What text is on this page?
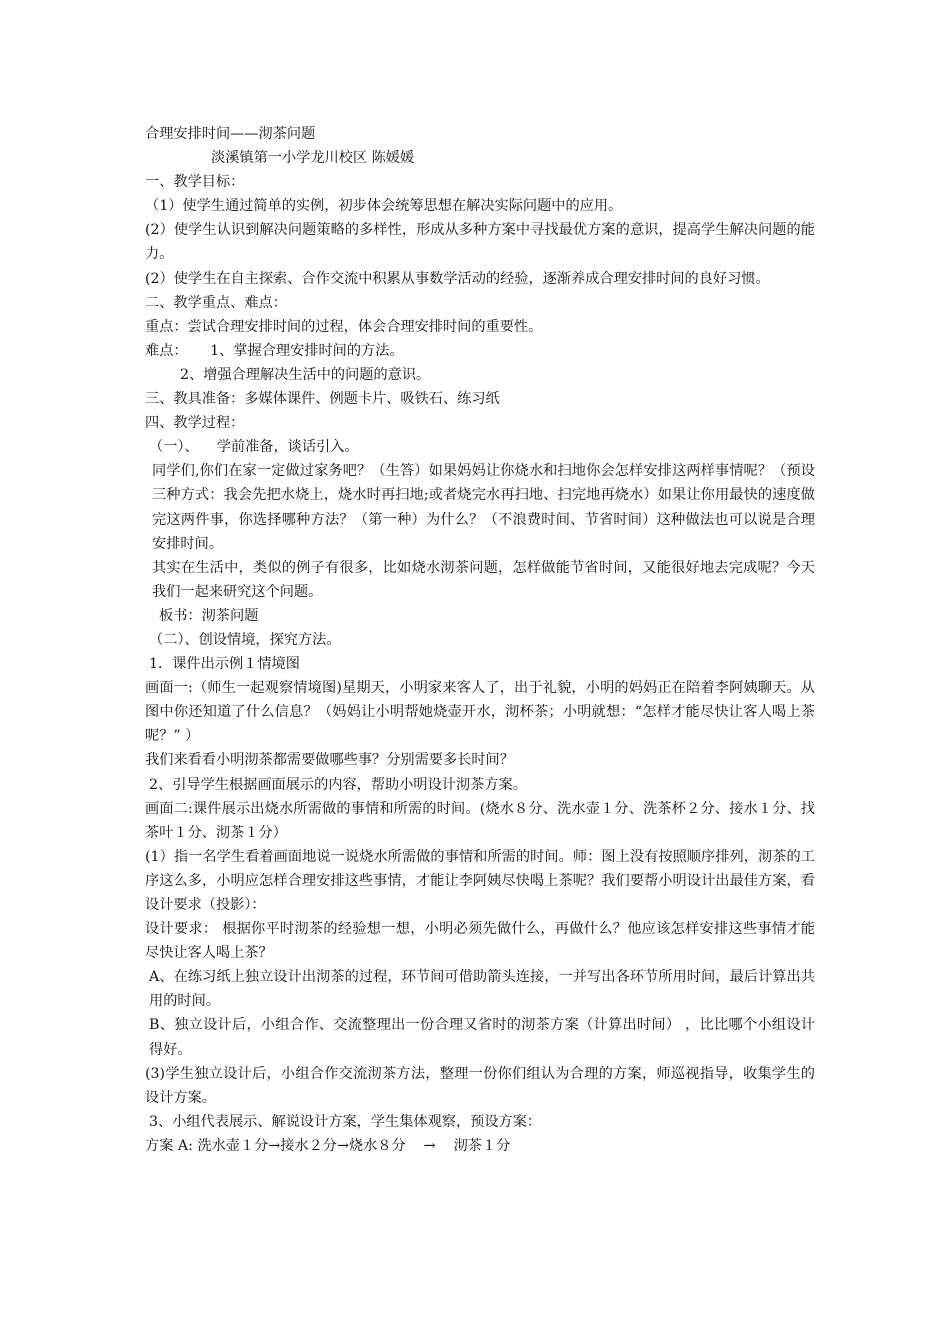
合理安排时间——沏茶问题

淡溪镇第一小学龙川校区 陈媛媛

一、教学目标：

（1）使学生通过简单的实例，初步体会统筹思想在解决实际问题中的应用。

(2）使学生认识到解决问题策略的多样性，形成从多种方案中寻找最优方案的意识，提高学生解决问题的能力。

(2）使学生在自主探索、合作交流中积累从事数学活动的经验，逐渐养成合理安排时间的良好习惯。

二、教学重点、难点：

重点：尝试合理安排时间的过程，体会合理安排时间的重要性。

难点：     1、掌握合理安排时间的方法。

2、增强合理解决生活中的问题的意识。

三、教具准备：多媒体课件、例题卡片、吸铁石、练习纸

四、教学过程：

（一）、    学前准备，谈话引入。

同学们,你们在家一定做过家务吧？（生答）如果妈妈让你烧水和扫地你会怎样安排这两样事情呢？（预设三种方式：我会先把水烧上，烧水时再扫地;或者烧完水再扫地、扫完地再烧水）如果让你用最快的速度做完这两件事，你选择哪种方法？（第一种）为什么？（不浪费时间、节省时间）这种做法也可以说是合理安排时间。

其实在生活中，类似的例子有很多，比如烧水沏茶问题，怎样做能节省时间，又能很好地去完成呢？今天我们一起来研究这个问题。

板书：沏茶问题

（二）、创设情境，探究方法。

1．课件出示例１情境图

画面一:（师生一起观察情境图)星期天，小明家来客人了，出于礼貌，小明的妈妈正在陪着李阿姨聊天。从图中你还知道了什么信息？（妈妈让小明帮她烧壶开水，沏杯茶；小明就想：“怎样才能尽快让客人喝上茶呢？” ）

我们来看看小明沏茶都需要做哪些事？分别需要多长时间？

2、引导学生根据画面展示的内容，帮助小明设计沏茶方案。

画面二:课件展示出烧水所需做的事情和所需的时间。(烧水８分、洗水壶１分、洗茶杯２分、接水１分、找茶叶１分、沏茶１分）

(1）指一名学生看着画面地说一说烧水所需做的事情和所需的时间。师：图上没有按照顺序排列，沏茶的工序这么多，小明应怎样合理安排这些事情，才能让李阿姨尽快喝上茶呢？我们要帮小明设计出最佳方案，看设计要求（投影）：

设计要求： 根据你平时沏茶的经验想一想，小明必须先做什么，再做什么？他应该怎样安排这些事情才能尽快让客人喝上茶？

A、在练习纸上独立设计出沏茶的过程，环节间可借助箭头连接，一并写出各环节所用时间，最后计算出共用的时间。

B、独立设计后，小组合作、交流整理出一份合理又省时的沏茶方案（计算出时间） ，比比哪个小组设计得好。

(3)学生独立设计后，小组合作交流沏茶方法，整理一份你们组认为合理的方案，师巡视指导，收集学生的设计方案。

3、小组代表展示、解说设计方案，学生集体观察，预设方案：

方案 A: 洗水壶１分→接水２分→烧水８分    →    沏茶１分
